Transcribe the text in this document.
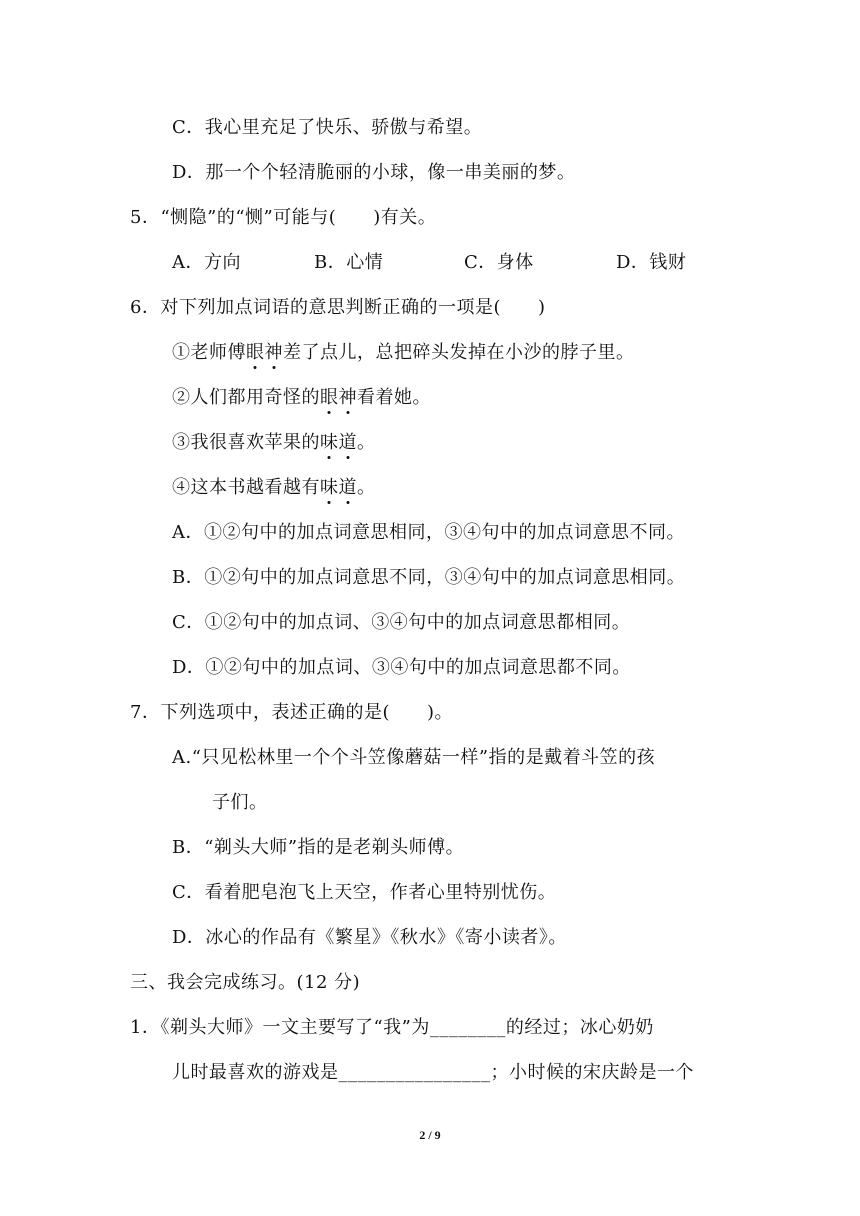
C．我心里充足了快乐、骄傲与希望。
D．那一个个轻清脆丽的小球，像一串美丽的梦。
5．“恻隐”的“恻”可能与(　　)有关。
A．方向	B．心情	C．身体	D．钱财
6．对下列加点词语的意思判断正确的一项是(　　)
①老师傅眼神
差了点儿，总把碎头发掉在小沙的脖子里。
②人们都用奇怪的眼神
看着她。
③我很喜欢苹果的味道
。
④这本书越看越有味道
。
A．①②句中的加点词意思相同，③④句中的加点词意思不同。
B．①②句中的加点词意思不同，③④句中的加点词意思相同。
C．①②句中的加点词、③④句中的加点词意思都相同。
D．①②句中的加点词、③④句中的加点词意思都不同。
7．下列选项中，表述正确的是(　　)。
A.“只见松林里一个个斗笠像蘑菇一样”指的是戴着斗笠的孩
子们。
B．“剃头大师”指的是老剃头师傅。
C．看着肥皂泡飞上天空，作者心里特别忧伤。
D．冰心的作品有《繁星》《秋水》《寄小读者》。
三、我会完成练习。(12 分)
1．《剃头大师》一文主要写了“我”为________的经过；冰心奶奶
儿时最喜欢的游戏是________________；小时候的宋庆龄是一个
2 / 9
